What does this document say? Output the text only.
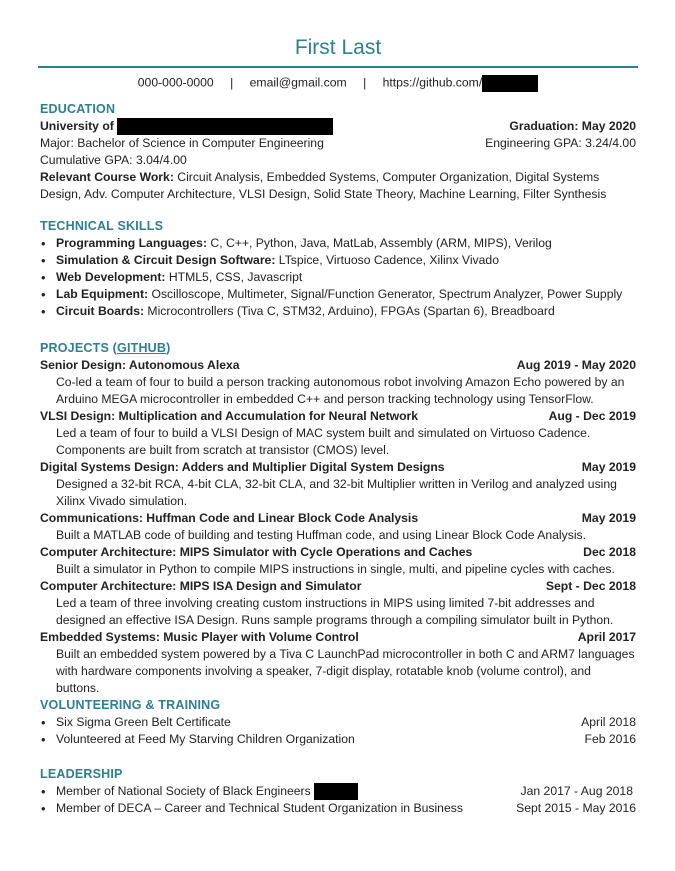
First Last
000-000-0000 | email@gmail.com | https://github.com/
EDUCATION
University of	Graduation: May 2020
Major: Bachelor of Science in Computer Engineering	Engineering GPA: 3.24/4.00
Cumulative GPA: 3.04/4.00
Relevant Course Work: Circuit Analysis, Embedded Systems, Computer Organization, Digital Systems
Design, Adv. Computer Architecture, VLSI Design, Solid State Theory, Machine Learning, Filter Synthesis
TECHNICAL SKILLS
• Programming Languages: C, C++, Python, Java, MatLab, Assembly (ARM, MIPS), Verilog
• Simulation & Circuit Design Software: LTspice, Virtuoso Cadence, Xilinx Vivado
• Web Development: HTML5, CSS, Javascript
• Lab Equipment: Oscilloscope, Multimeter, Signal/Function Generator, Spectrum Analyzer, Power Supply
• Circuit Boards: Microcontrollers (Tiva C, STM32, Arduino), FPGAs (Spartan 6), Breadboard
PROJECTS (GITHUB)
Senior Design: Autonomous Alexa	Aug 2019 - May 2020
Co-led a team of four to build a person tracking autonomous robot involving Amazon Echo powered by an
Arduino MEGA microcontroller in embedded C++ and person tracking technology using TensorFlow.
VLSI Design: Multiplication and Accumulation for Neural Network	Aug - Dec 2019
Led a team of four to build a VLSI Design of MAC system built and simulated on Virtuoso Cadence.
Components are built from scratch at transistor (CMOS) level.
Digital Systems Design: Adders and Multiplier Digital System Designs	May 2019
Designed a 32-bit RCA, 4-bit CLA, 32-bit CLA, and 32-bit Multiplier written in Verilog and analyzed using
Xilinx Vivado simulation.
Communications: Huffman Code and Linear Block Code Analysis	May 2019
Built a MATLAB code of building and testing Huffman code, and using Linear Block Code Analysis.
Computer Architecture: MIPS Simulator with Cycle Operations and Caches	Dec 2018
Built a simulator in Python to compile MIPS instructions in single, multi, and pipeline cycles with caches.
Computer Architecture: MIPS ISA Design and Simulator	Sept - Dec 2018
Led a team of three involving creating custom instructions in MIPS using limited 7-bit addresses and
designed an effective ISA Design. Runs sample programs through a compiling simulator built in Python.
Embedded Systems: Music Player with Volume Control	April 2017
Built an embedded system powered by a Tiva C LaunchPad microcontroller in both C and ARM7 languages
with hardware components involving a speaker, 7-digit display, rotatable knob (volume control), and buttons.
VOLUNTEERING & TRAINING
• Six Sigma Green Belt Certificate	April 2018
• Volunteered at Feed My Starving Children Organization	Feb 2016
LEADERSHIP
• Member of National Society of Black Engineers	Jan 2017 - Aug 2018
• Member of DECA – Career and Technical Student Organization in Business	Sept 2015 - May 2016
